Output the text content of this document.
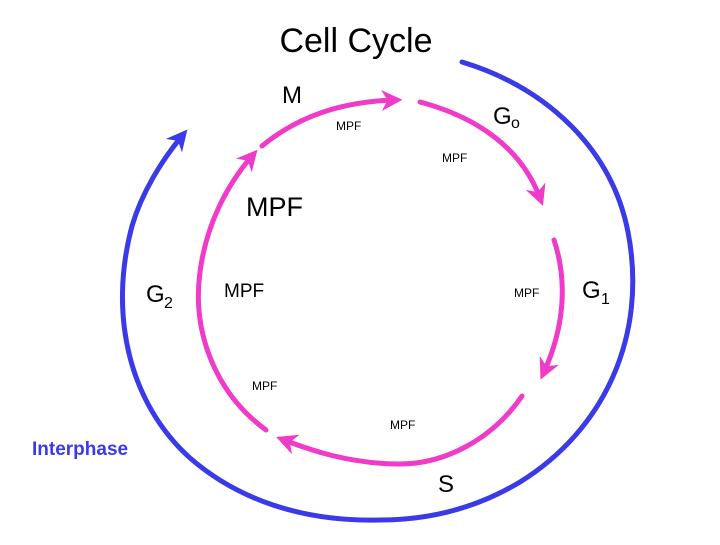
Cell Cycle
M
G o
G 1
G 2
S
MPF
MPF
MPF
MPF	MPF
MPF
MPF
Interphase
